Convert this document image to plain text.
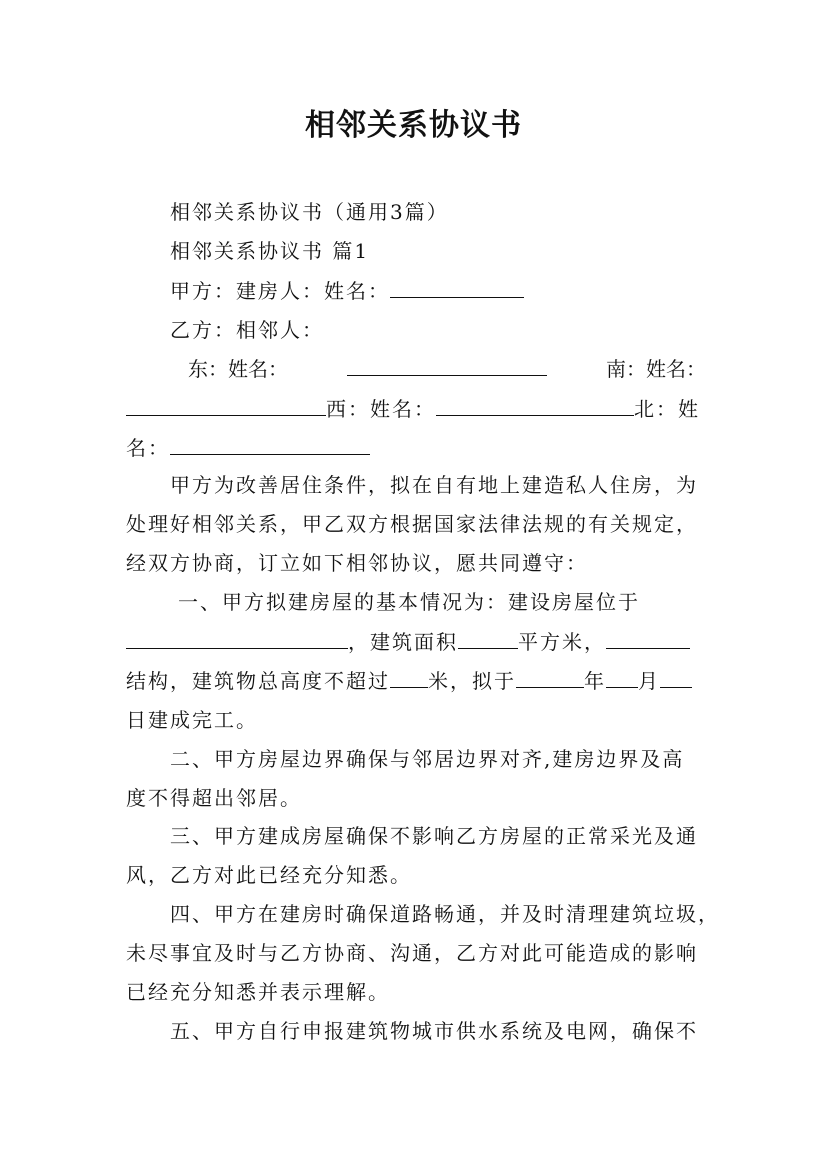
相邻关系协议书
相邻关系协议书（通用3篇）
相邻关系协议书 篇1
甲方：建房人：姓名：
乙方：相邻人：
东：姓名：	南：姓名：
西：姓名：	北：姓
名：
甲方为改善居住条件，拟在自有地上建造私人住房，为
处理好相邻关系，甲乙双方根据国家法律法规的有关规定，
经双方协商，订立如下相邻协议，愿共同遵守：
一、甲方拟建房屋的基本情况为：建设房屋位于
，建筑面积	平方米，
结构，建筑物总高度不超过 米，拟于	年 月
日建成完工。
二、甲方房屋边界确保与邻居边界对齐,建房边界及高
度不得超出邻居。
三、甲方建成房屋确保不影响乙方房屋的正常采光及通
风，乙方对此已经充分知悉。
四、甲方在建房时确保道路畅通，并及时清理建筑垃圾，
未尽事宜及时与乙方协商、沟通，乙方对此可能造成的影响
已经充分知悉并表示理解。
五、甲方自行申报建筑物城市供水系统及电网，确保不
